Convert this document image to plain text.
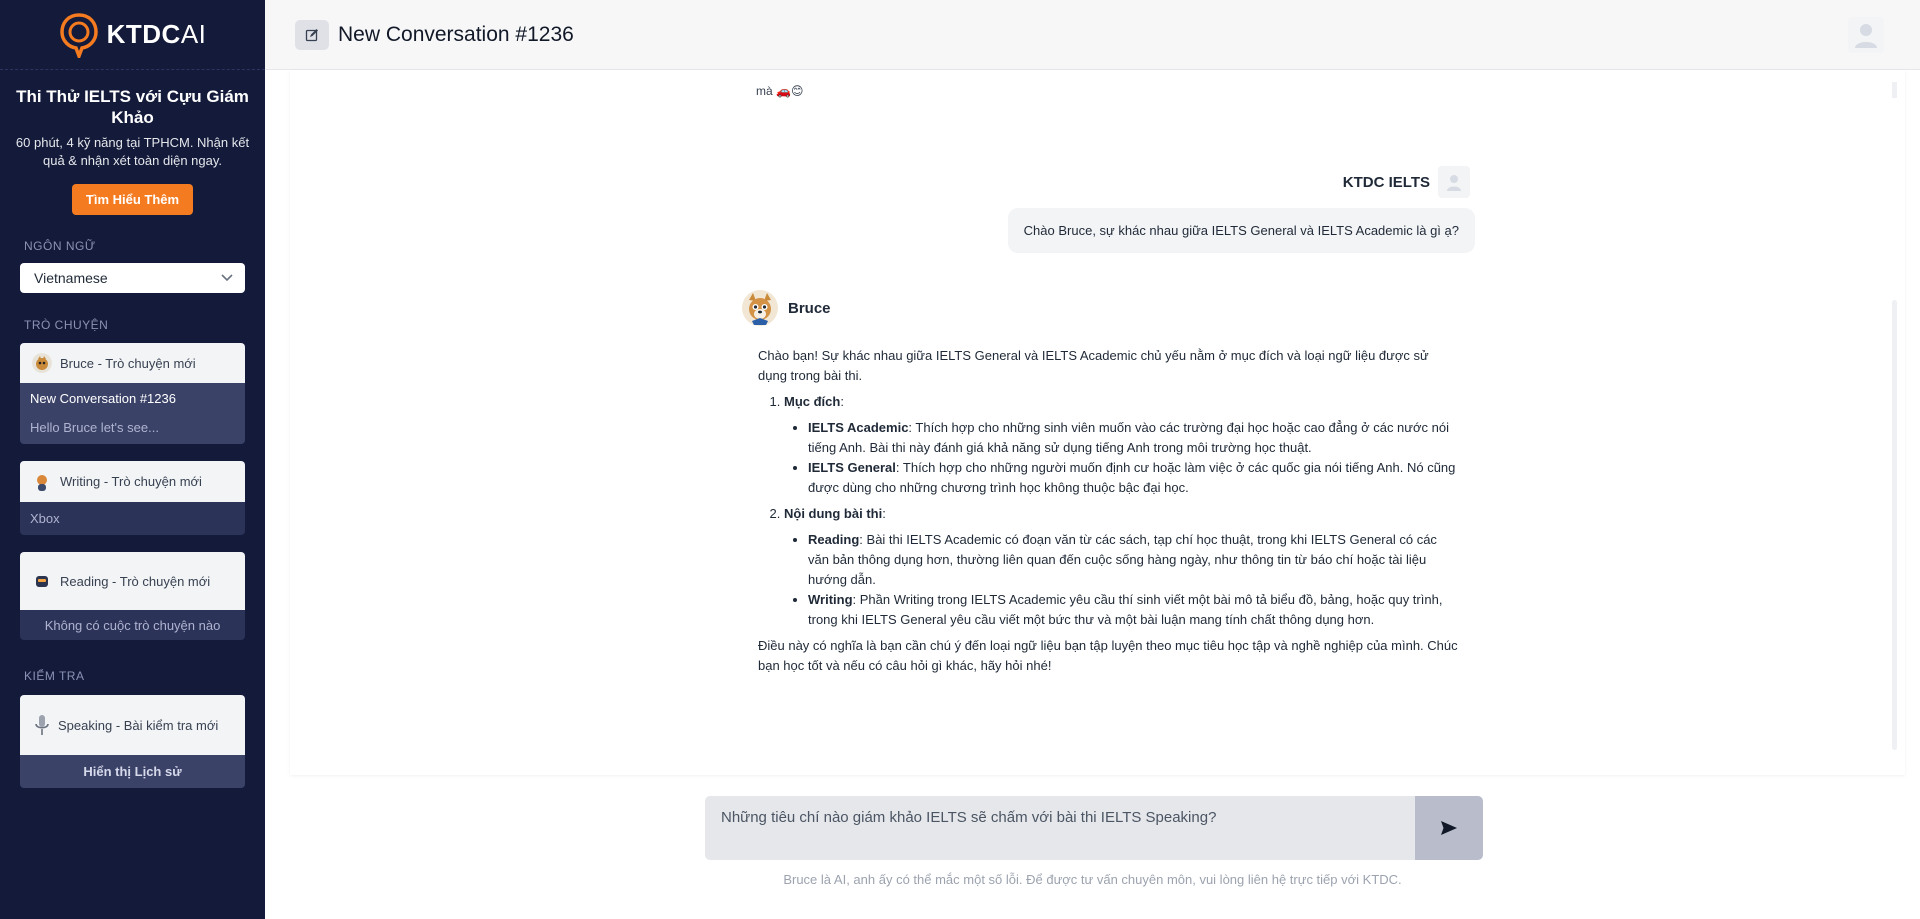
KTDCAI
Thi Thử IELTS với Cựu Giám Khảo
60 phút, 4 kỹ năng tại TPHCM. Nhận kết quả & nhận xét toàn diện ngay.
Tìm Hiểu Thêm
NGÔN NGỮ
Vietnamese
TRÒ CHUYỆN
Bruce - Trò chuyện mới
New Conversation #1236
Hello Bruce let's see...
Writing - Trò chuyện mới
Xbox
Reading - Trò chuyện mới
Không có cuộc trò chuyện nào
KIỂM TRA
Speaking - Bài kiểm tra mới
Hiển thị Lịch sử
New Conversation #1236
mà 🚗😊
KTDC IELTS
Chào Bruce, sự khác nhau giữa IELTS General và IELTS Academic là gì ạ?
Bruce

Chào bạn! Sự khác nhau giữa IELTS General và IELTS Academic chủ yếu nằm ở mục đích và loại ngữ liệu được sử dụng trong bài thi.

1. Mục đích:
• IELTS Academic: Thích hợp cho những sinh viên muốn vào các trường đại học hoặc cao đẳng ở các nước nói tiếng Anh. Bài thi này đánh giá khả năng sử dụng tiếng Anh trong môi trường học thuật.
• IELTS General: Thích hợp cho những người muốn định cư hoặc làm việc ở các quốc gia nói tiếng Anh. Nó cũng được dùng cho những chương trình học không thuộc bậc đại học.
2. Nội dung bài thi:
• Reading: Bài thi IELTS Academic có đoạn văn từ các sách, tạp chí học thuật, trong khi IELTS General có các văn bản thông dụng hơn, thường liên quan đến cuộc sống hàng ngày, như thông tin từ báo chí hoặc tài liệu hướng dẫn.
• Writing: Phần Writing trong IELTS Academic yêu cầu thí sinh viết một bài mô tả biểu đồ, bảng, hoặc quy trình, trong khi IELTS General yêu cầu viết một bức thư và một bài luận mang tính chất thông dụng hơn.

Điều này có nghĩa là bạn cần chú ý đến loại ngữ liệu bạn tập luyện theo mục tiêu học tập và nghề nghiệp của mình. Chúc bạn học tốt và nếu có câu hỏi gì khác, hãy hỏi nhé!

Những tiêu chí nào giám khảo IELTS sẽ chấm với bài thi IELTS Speaking?
Bruce là AI, anh ấy có thể mắc một số lỗi. Để được tư vấn chuyên môn, vui lòng liên hệ trực tiếp với KTDC.
